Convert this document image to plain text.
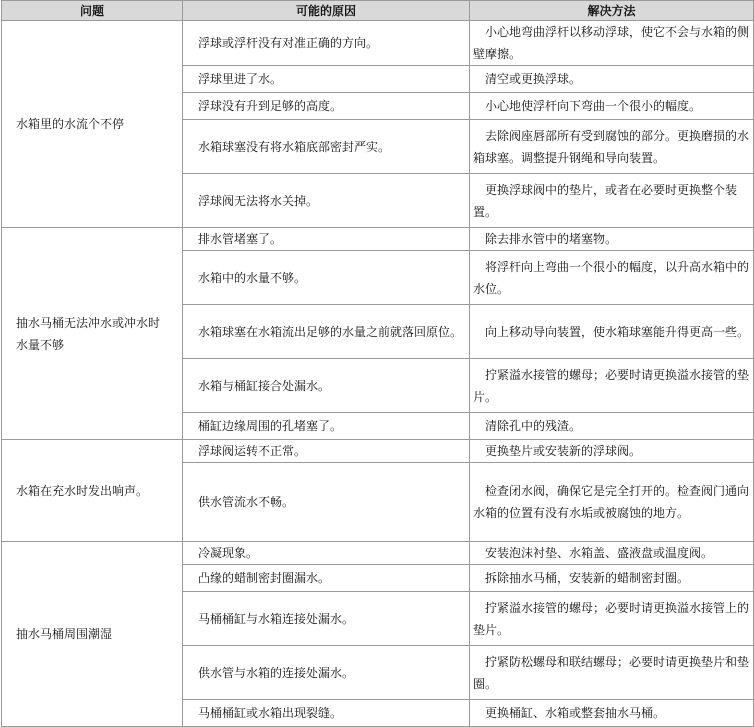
问题	可能的原因	解决方法
水箱里的水流个不停	浮球或浮杆没有对准正确的方向。	小心地弯曲浮杆以移动浮球，使它不会与水箱的侧壁摩擦。
	浮球里进了水。	清空或更换浮球。
	浮球没有升到足够的高度。	小心地使浮杆向下弯曲一个很小的幅度。
	水箱球塞没有将水箱底部密封严实。	去除阀座唇部所有受到腐蚀的部分。更换磨损的水箱球塞。调整提升钢绳和导向装置。
	浮球阀无法将水关掉。	更换浮球阀中的垫片，或者在必要时更换整个装置。
抽水马桶无法冲水或冲水时水量不够	排水管堵塞了。	除去排水管中的堵塞物。
	水箱中的水量不够。	将浮杆向上弯曲一个很小的幅度，以升高水箱中的水位。
	水箱球塞在水箱流出足够的水量之前就落回原位。	向上移动导向装置，使水箱球塞能升得更高一些。
	水箱与桶缸接合处漏水。	拧紧溢水接管的螺母；必要时请更换溢水接管的垫片。
	桶缸边缘周围的孔堵塞了。	清除孔中的残渣。
水箱在充水时发出响声。	浮球阀运转不正常。	更换垫片或安装新的浮球阀。
	供水管流水不畅。	检查闭水阀，确保它是完全打开的。检查阀门通向水箱的位置有没有水垢或被腐蚀的地方。
抽水马桶周围潮湿	冷凝现象。	安装泡沫衬垫、水箱盖、盛液盘或温度阀。
	凸缘的蜡制密封圈漏水。	拆除抽水马桶，安装新的蜡制密封圈。
	马桶桶缸与水箱连接处漏水。	拧紧溢水接管的螺母；必要时请更换溢水接管上的垫片。
	供水管与水箱的连接处漏水。	拧紧防松螺母和联结螺母；必要时请更换垫片和垫圈。
	马桶桶缸或水箱出现裂缝。	更换桶缸、水箱或整套抽水马桶。
